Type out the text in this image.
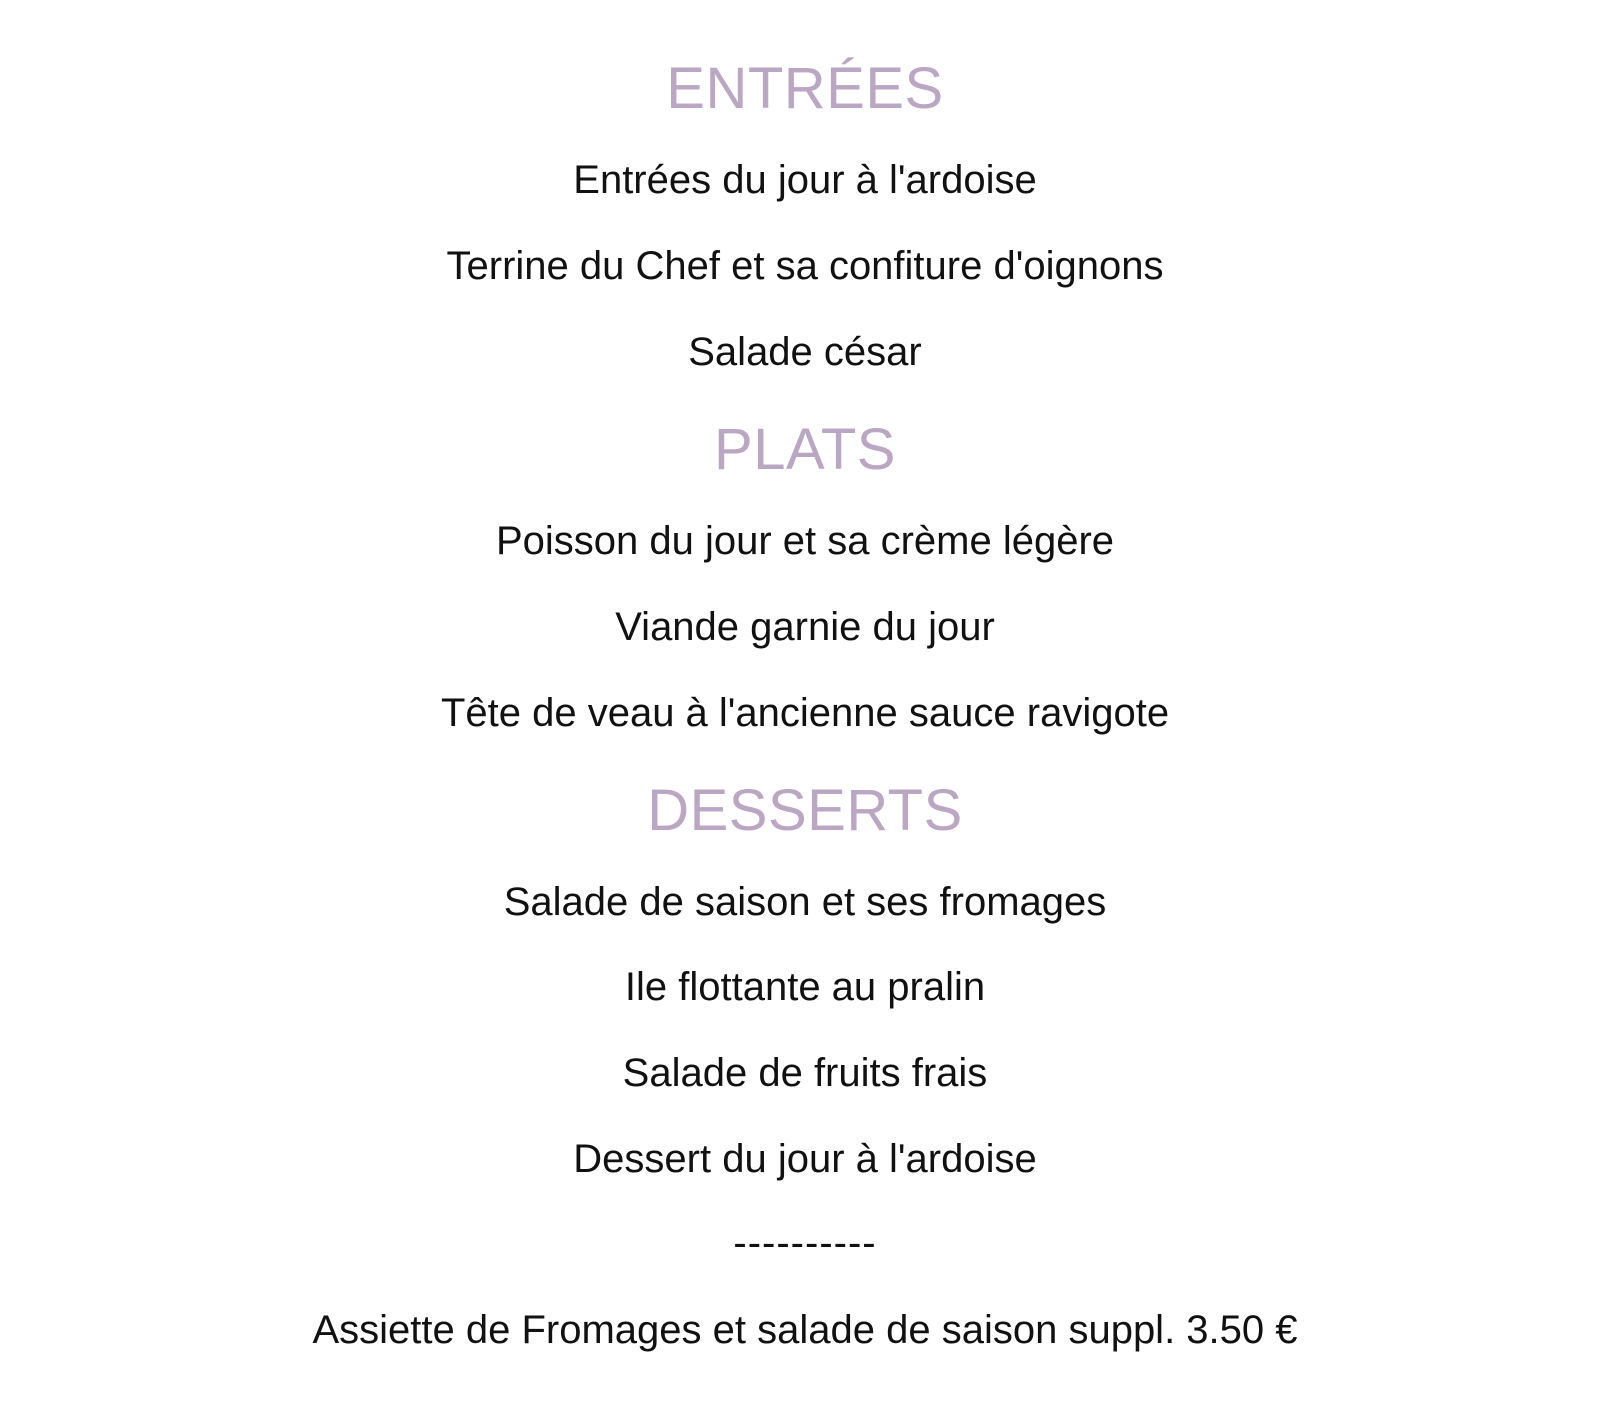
ENTRÉES
Entrées du jour à l'ardoise
Terrine du Chef et sa confiture d'oignons
Salade césar
PLATS
Poisson du jour et sa crème légère
Viande garnie du jour
Tête de veau à l'ancienne sauce ravigote
DESSERTS
Salade de saison et ses fromages
Ile flottante au pralin
Salade de fruits frais
Dessert du jour à l'ardoise
----------
Assiette de Fromages et salade de saison suppl. 3.50 €
